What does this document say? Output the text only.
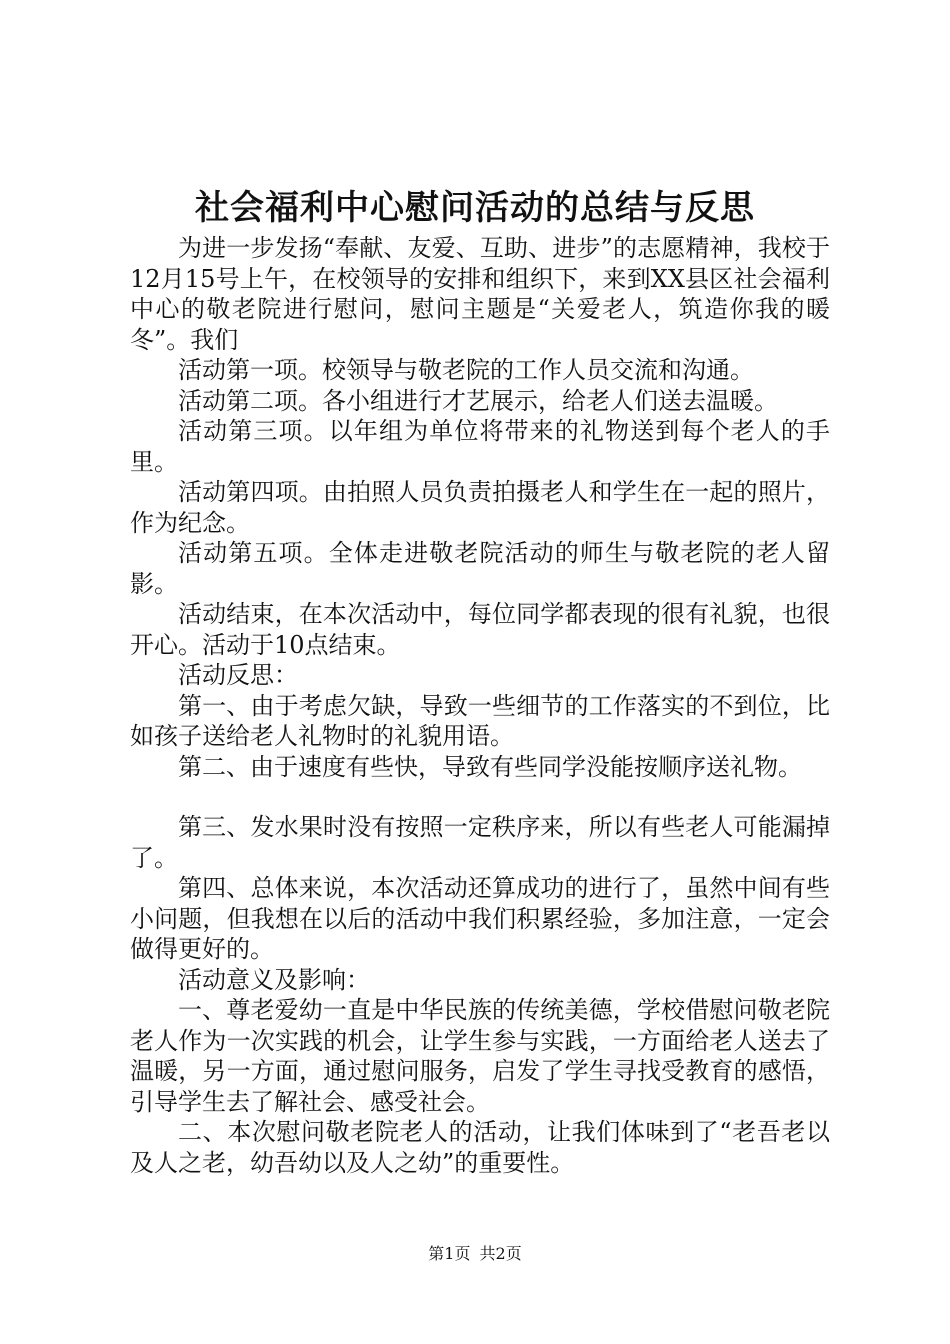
社会福利中心慰问活动的总结与反思

为进一步发扬“奉献、友爱、互助、进步”的志愿精神，我校于12月15号上午，在校领导的安排和组织下，来到XX县区社会福利中心的敬老院进行慰问，慰问主题是“关爱老人，筑造你我的暖冬”。我们

活动第一项。校领导与敬老院的工作人员交流和沟通。

活动第二项。各小组进行才艺展示，给老人们送去温暖。

活动第三项。以年组为单位将带来的礼物送到每个老人的手里。

活动第四项。由拍照人员负责拍摄老人和学生在一起的照片，作为纪念。

活动第五项。全体走进敬老院活动的师生与敬老院的老人留影。

活动结束，在本次活动中，每位同学都表现的很有礼貌，也很开心。活动于10点结束。

活动反思：

第一、由于考虑欠缺，导致一些细节的工作落实的不到位，比如孩子送给老人礼物时的礼貌用语。

第二、由于速度有些快，导致有些同学没能按顺序送礼物。

第三、发水果时没有按照一定秩序来，所以有些老人可能漏掉了。

第四、总体来说，本次活动还算成功的进行了，虽然中间有些小问题，但我想在以后的活动中我们积累经验，多加注意，一定会做得更好的。

活动意义及影响：

一、尊老爱幼一直是中华民族的传统美德，学校借慰问敬老院老人作为一次实践的机会，让学生参与实践，一方面给老人送去了温暖，另一方面，通过慰问服务，启发了学生寻找受教育的感悟，引导学生去了解社会、感受社会。

二、本次慰问敬老院老人的活动，让我们体味到了“老吾老以及人之老，幼吾幼以及人之幼”的重要性。

第1页 共2页
